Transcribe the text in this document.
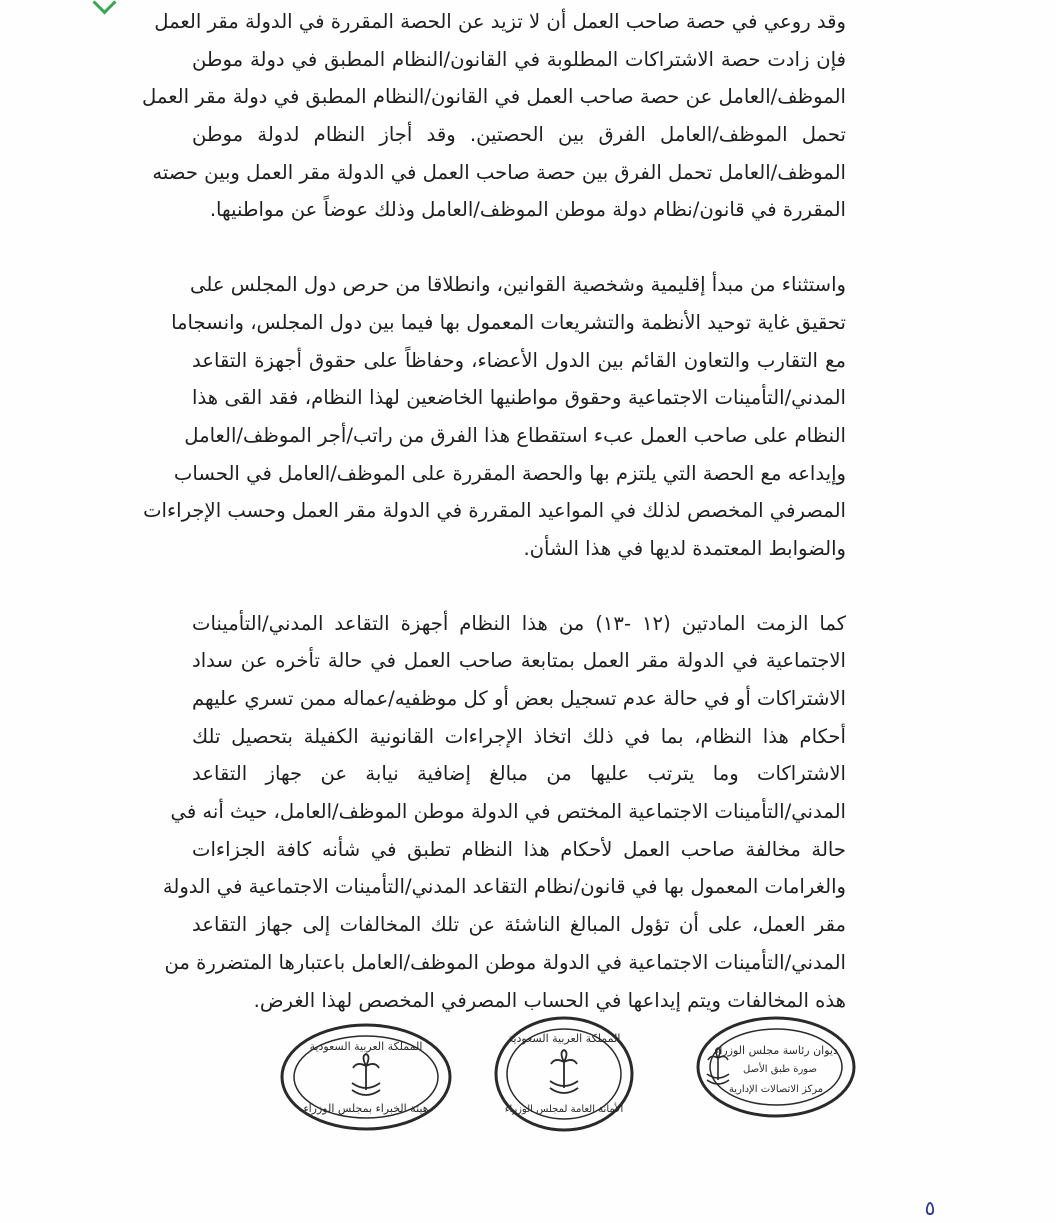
وقد روعي في حصة صاحب العمل أن لا تزيد عن الحصة المقررة في الدولة مقر العمل
فإن زادت حصة الاشتراكات المطلوبة في القانون/النظام المطبق في دولة موطن
الموظف/العامل عن حصة صاحب العمل في القانون/النظام المطبق في دولة مقر العمل
تحمل الموظف/العامل الفرق بين الحصتين. وقد أجاز النظام لدولة موطن
الموظف/العامل تحمل الفرق بين حصة صاحب العمل في الدولة مقر العمل وبين حصته
المقررة في قانون/نظام دولة موطن الموظف/العامل وذلك عوضاً عن مواطنيها.
واستثناء من مبدأ إقليمية وشخصية القوانين، وانطلاقا من حرص دول المجلس على
تحقيق غاية توحيد الأنظمة والتشريعات المعمول بها فيما بين دول المجلس، وانسجاما
مع التقارب والتعاون القائم بين الدول الأعضاء، وحفاظاً على حقوق أجهزة التقاعد
المدني/التأمينات الاجتماعية وحقوق مواطنيها الخاضعين لهذا النظام، فقد القى هذا
النظام على صاحب العمل عبء استقطاع هذا الفرق من راتب/أجر الموظف/العامل
وإيداعه مع الحصة التي يلتزم بها والحصة المقررة على الموظف/العامل في الحساب
المصرفي المخصص لذلك في المواعيد المقررة في الدولة مقر العمل وحسب الإجراءات
والضوابط المعتمدة لديها في هذا الشأن.
كما الزمت المادتين (١٢ -١٣) من هذا النظام أجهزة التقاعد المدني/التأمينات
الاجتماعية في الدولة مقر العمل بمتابعة صاحب العمل في حالة تأخره عن سداد
الاشتراكات أو في حالة عدم تسجيل بعض أو كل موظفيه/عماله ممن تسري عليهم
أحكام هذا النظام، بما في ذلك اتخاذ الإجراءات القانونية الكفيلة بتحصيل تلك
الاشتراكات وما يترتب عليها من مبالغ إضافية نيابة عن جهاز التقاعد
المدني/التأمينات الاجتماعية المختص في الدولة موطن الموظف/العامل، حيث أنه في
حالة مخالفة صاحب العمل لأحكام هذا النظام تطبق في شأنه كافة الجزاءات
والغرامات المعمول بها في قانون/نظام التقاعد المدني/التأمينات الاجتماعية في الدولة
مقر العمل، على أن تؤول المبالغ الناشئة عن تلك المخالفات إلى جهاز التقاعد
المدني/التأمينات الاجتماعية في الدولة موطن الموظف/العامل باعتبارها المتضررة من
هذه المخالفات ويتم إيداعها في الحساب المصرفي المخصص لهذا الغرض.
ديوان رئاسة مجلس الوزراء
صورة طبق الأصل
مركز الاتصالات الإدارية
المملكة العربية السعودية
الأمانة العامة لمجلس الوزراء
المملكة العربية السعودية
هيئة الخبراء بمجلس الوزراء
٥
